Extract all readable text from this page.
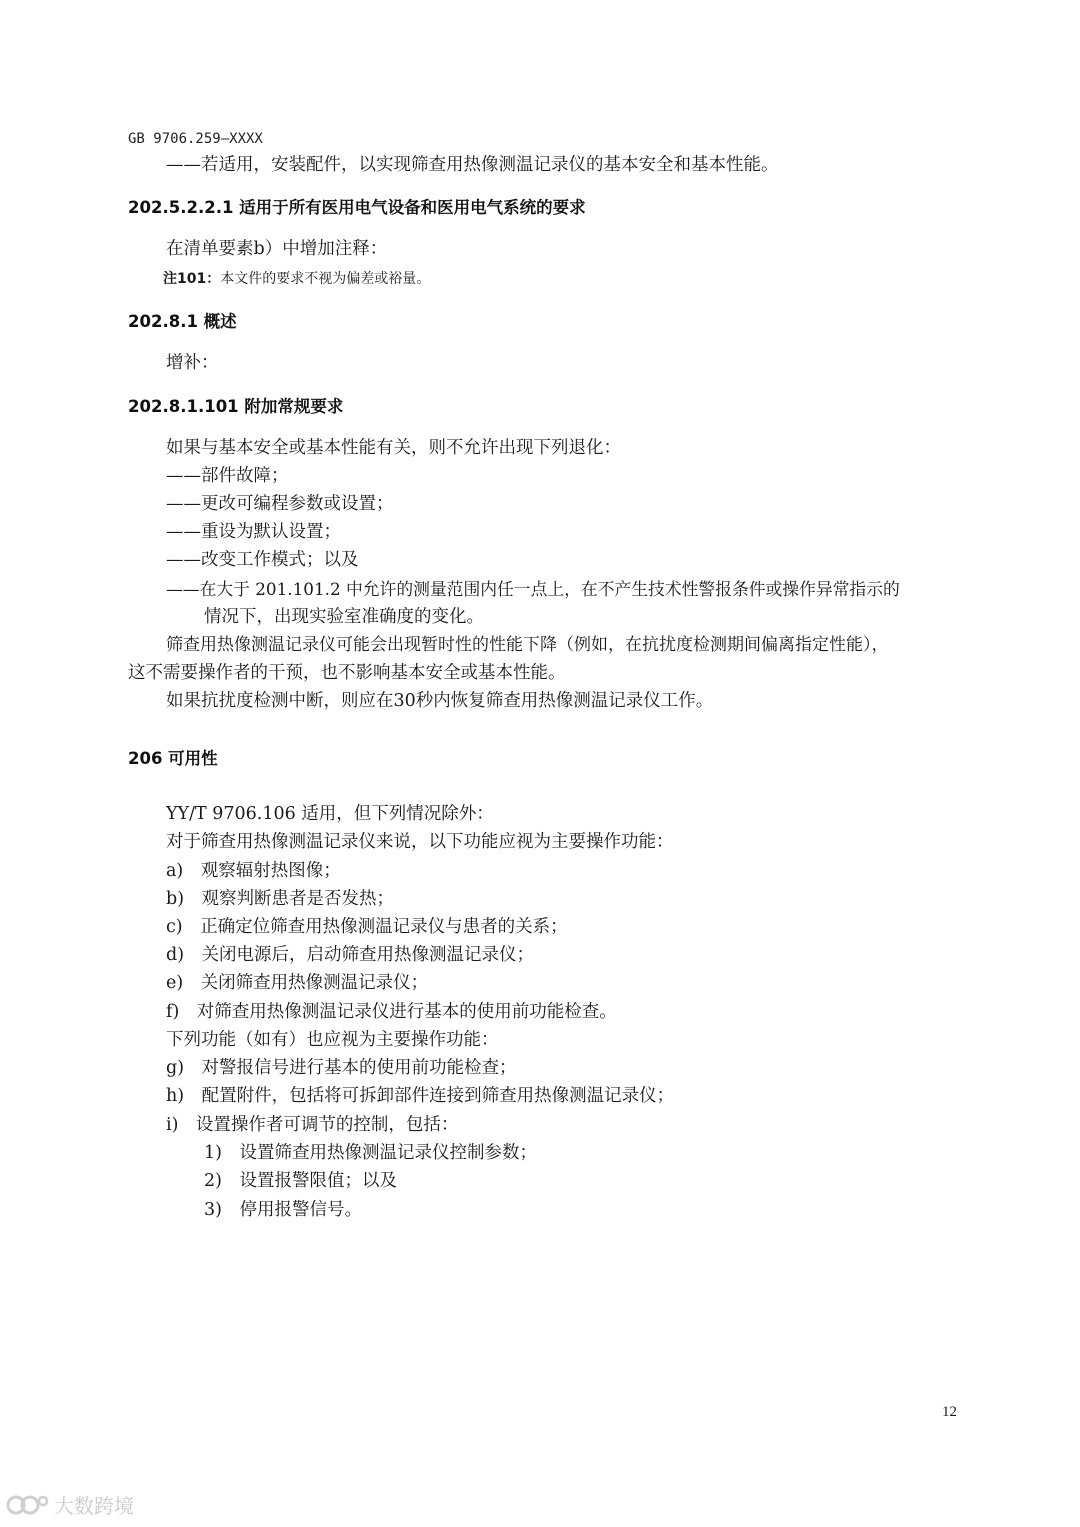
GB 9706.259—XXXX
——若适用，安装配件，以实现筛查用热像测温记录仪的基本安全和基本性能。
202.5.2.2.1 适用于所有医用电气设备和医用电气系统的要求
在清单要素b）中增加注释：
注101：本文件的要求不视为偏差或裕量。
202.8.1 概述
增补：
202.8.1.101 附加常规要求
如果与基本安全或基本性能有关，则不允许出现下列退化：
——部件故障；
——更改可编程参数或设置；
——重设为默认设置；
——改变工作模式；以及
——在大于 201.101.2 中允许的测量范围内任一点上，在不产生技术性警报条件或操作异常指示的
情况下，出现实验室准确度的变化。
筛查用热像测温记录仪可能会出现暂时性的性能下降（例如，在抗扰度检测期间偏离指定性能），
这不需要操作者的干预，也不影响基本安全或基本性能。
如果抗扰度检测中断，则应在30秒内恢复筛查用热像测温记录仪工作。
206 可用性
YY/T 9706.106 适用，但下列情况除外：
对于筛查用热像测温记录仪来说，以下功能应视为主要操作功能：
a)　观察辐射热图像；
b)　观察判断患者是否发热；
c)　正确定位筛查用热像测温记录仪与患者的关系；
d)　关闭电源后，启动筛查用热像测温记录仪；
e)　关闭筛查用热像测温记录仪；
f)　对筛查用热像测温记录仪进行基本的使用前功能检查。
下列功能（如有）也应视为主要操作功能：
g)　对警报信号进行基本的使用前功能检查；
h)　配置附件，包括将可拆卸部件连接到筛查用热像测温记录仪；
i)　设置操作者可调节的控制，包括：
1)　设置筛查用热像测温记录仪控制参数；
2)　设置报警限值；以及
3)　停用报警信号。
12
大数跨境
